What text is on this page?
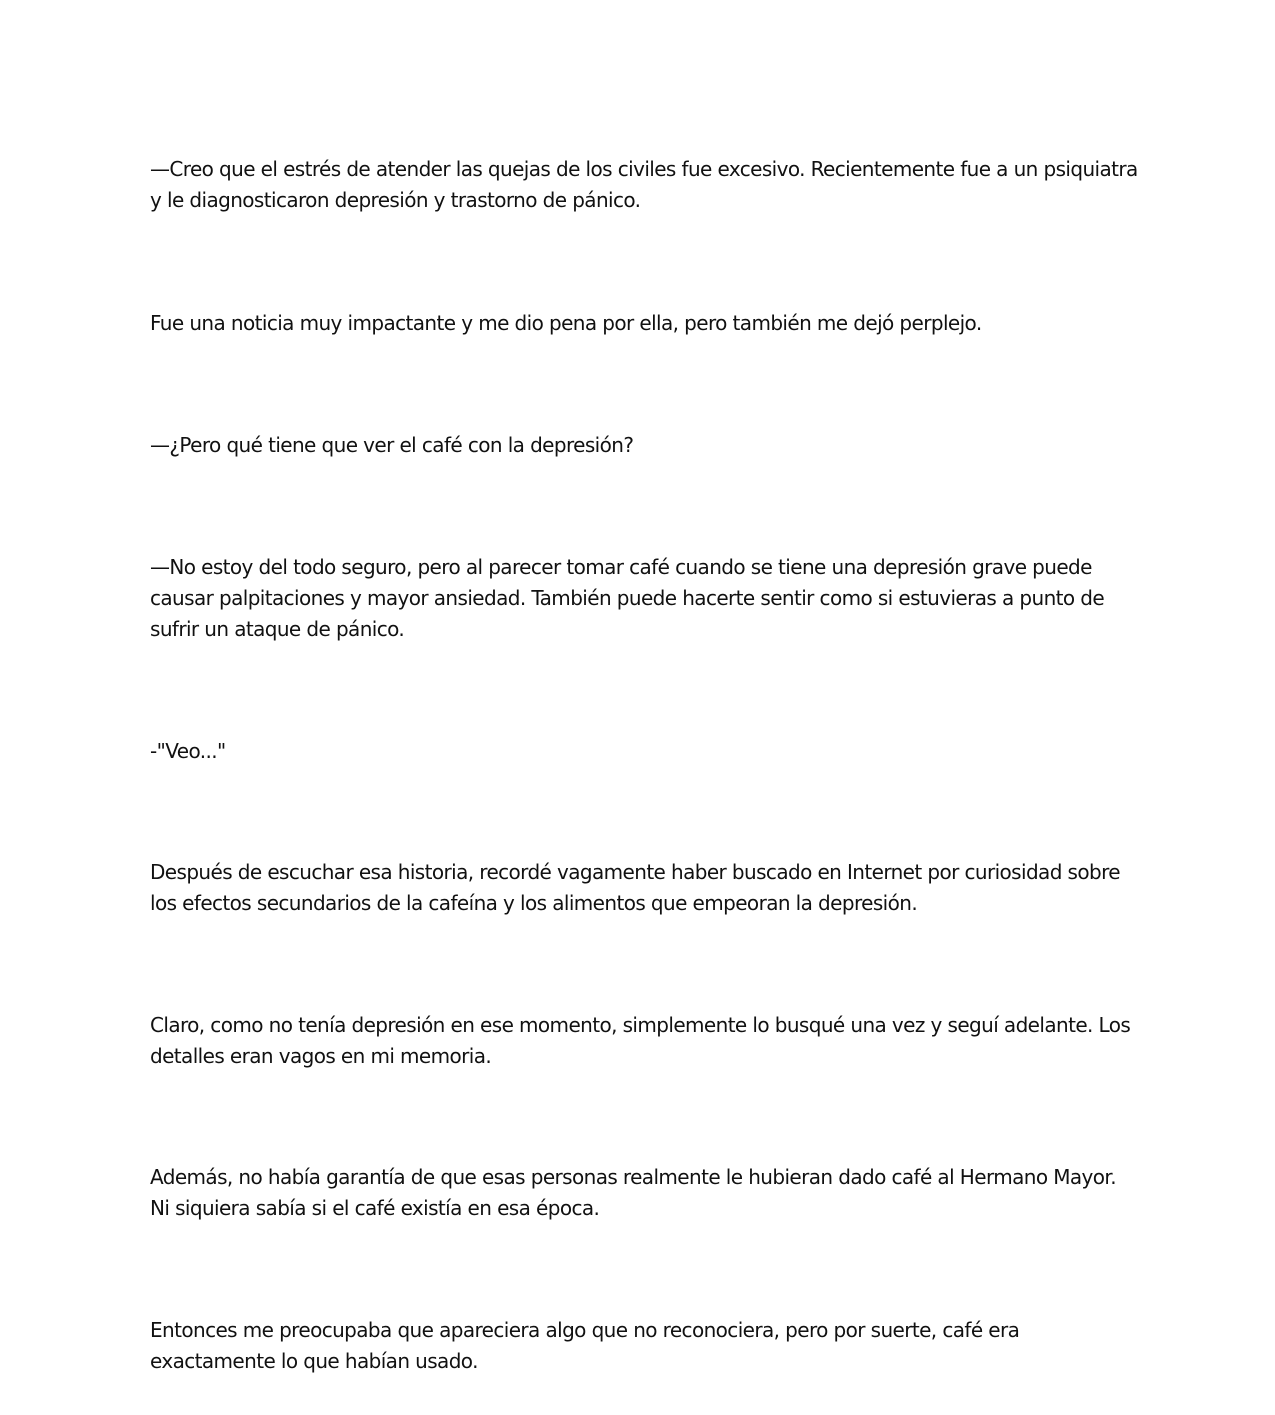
—Creo que el estrés de atender las quejas de los civiles fue excesivo. Recientemente fue a un psiquiatra y le diagnosticaron depresión y trastorno de pánico.

Fue una noticia muy impactante y me dio pena por ella, pero también me dejó perplejo.

—¿Pero qué tiene que ver el café con la depresión?

—No estoy del todo seguro, pero al parecer tomar café cuando se tiene una depresión grave puede causar palpitaciones y mayor ansiedad. También puede hacerte sentir como si estuvieras a punto de sufrir un ataque de pánico.

-"Veo..."

Después de escuchar esa historia, recordé vagamente haber buscado en Internet por curiosidad sobre los efectos secundarios de la cafeína y los alimentos que empeoran la depresión.

Claro, como no tenía depresión en ese momento, simplemente lo busqué una vez y seguí adelante. Los detalles eran vagos en mi memoria.

Además, no había garantía de que esas personas realmente le hubieran dado café al Hermano Mayor. Ni siquiera sabía si el café existía en esa época.

Entonces me preocupaba que apareciera algo que no reconociera, pero por suerte, café era exactamente lo que habían usado.
